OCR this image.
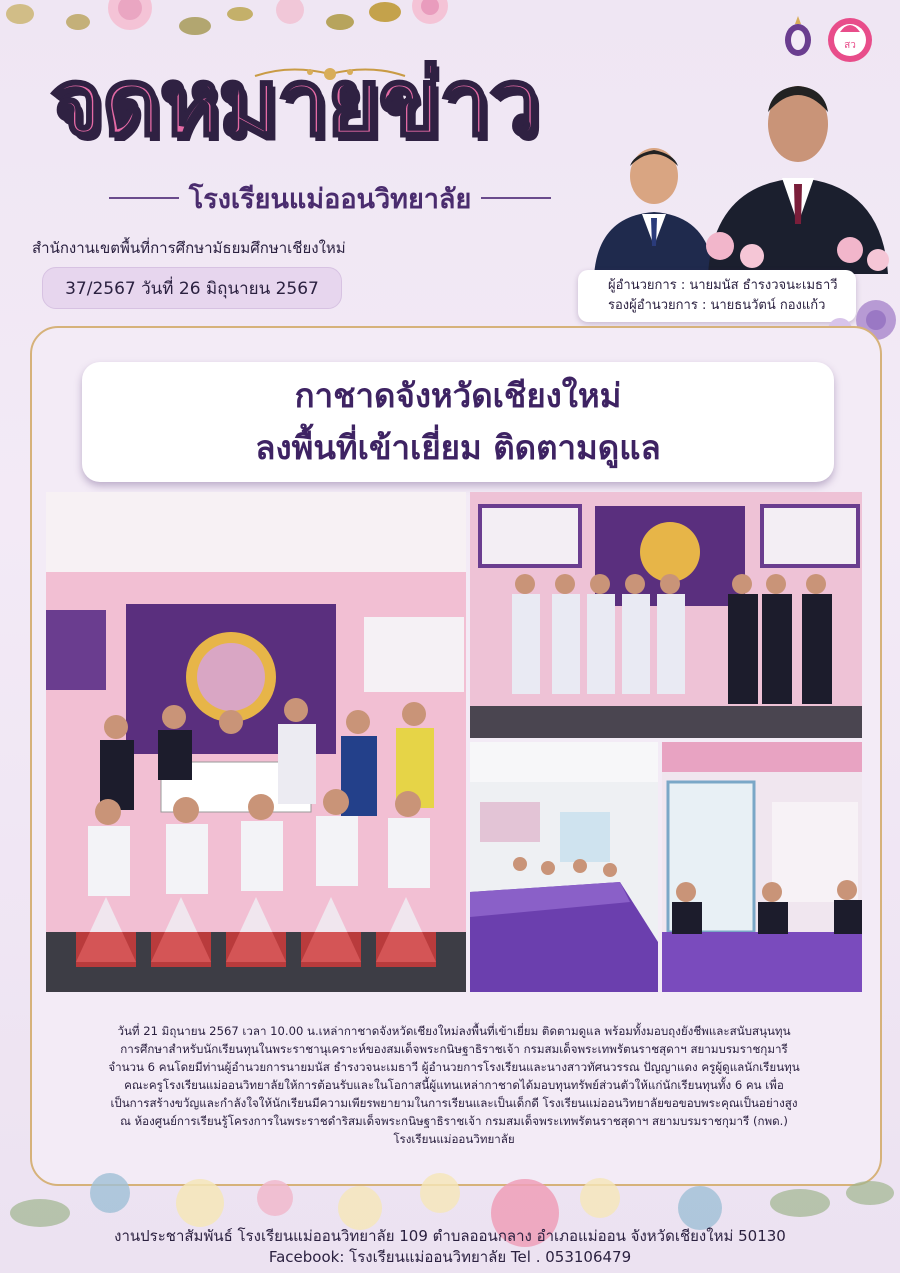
จดหมายข่าว
โรงเรียนแม่ออนวิทยาลัย
สำนักงานเขตพื้นที่การศึกษามัธยมศึกษาเชียงใหม่
37/2567 วันที่ 26 มิถุนายน 2567
สว
ผู้อำนวยการ : นายมนัส ธำรงวจนะเมธาวี
รองผู้อำนวยการ : นายธนวัตน์ กองแก้ว
กาชาดจังหวัดเชียงใหม่
ลงพื้นที่เข้าเยี่ยม ติดตามดูแล

วันที่ 21 มิถุนายน 2567 เวลา 10.00 น.เหล่ากาชาดจังหวัดเชียงใหม่ลงพื้นที่เข้าเยี่ยม ติดตามดูแล พร้อมทั้งมอบถุงยังชีพและสนับสนุนทุน

การศึกษาสำหรับนักเรียนทุนในพระราชานุเคราะห์ของสมเด็จพระกนิษฐาธิราชเจ้า กรมสมเด็จพระเทพรัตนราชสุดาฯ สยามบรมราชกุมารี

จำนวน 6 คนโดยมีท่านผู้อำนวยการนายมนัส ธำรงวจนะเมธาวี ผู้อำนวยการโรงเรียนและนางสาวทัศนวรรณ ปัญญาแดง ครูผู้ดูแลนักเรียนทุน

คณะครูโรงเรียนแม่ออนวิทยาลัยให้การต้อนรับและในโอกาสนี้ผู้แทนเหล่ากาชาดได้มอบทุนทรัพย์ส่วนตัวให้แก่นักเรียนทุนทั้ง 6 คน เพื่อ

เป็นการสร้างขวัญและกำลังใจให้นักเรียนมีความเพียรพยายามในการเรียนและเป็นเด็กดี โรงเรียนแม่ออนวิทยาลัยขอขอบพระคุณเป็นอย่างสูง

ณ ห้องศูนย์การเรียนรู้โครงการในพระราชดำริสมเด็จพระกนิษฐาธิราชเจ้า กรมสมเด็จพระเทพรัตนราชสุดาฯ สยามบรมราชกุมารี (กพด.)

โรงเรียนแม่ออนวิทยาลัย

งานประชาสัมพันธ์ โรงเรียนแม่ออนวิทยาลัย 109 ตำบลออนกลาง อำเภอแม่ออน จังหวัดเชียงใหม่ 50130

Facebook: โรงเรียนแม่ออนวิทยาลัย Tel . 053106479
